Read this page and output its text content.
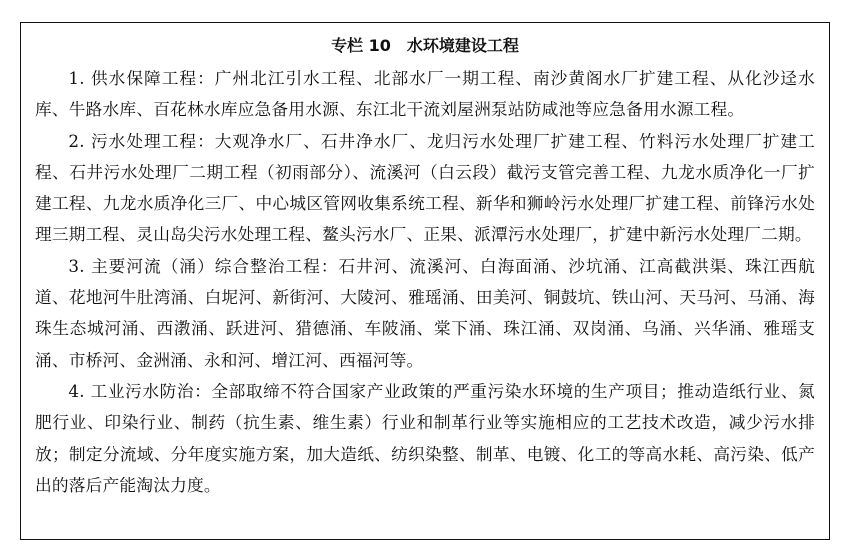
专栏 10　水环境建设工程

1. 供水保障工程：广州北江引水工程、北部水厂一期工程、南沙黄阁水厂扩建工程、从化沙迳水库、牛路水库、百花林水库应急备用水源、东江北干流刘屋洲泵站防咸池等应急备用水源工程。

2. 污水处理工程：大观净水厂、石井净水厂、龙归污水处理厂扩建工程、竹料污水处理厂扩建工程、石井污水处理厂二期工程（初雨部分）、流溪河（白云段）截污支管完善工程、九龙水质净化一厂扩建工程、九龙水质净化三厂、中心城区管网收集系统工程、新华和狮岭污水处理厂扩建工程、前锋污水处理三期工程、灵山岛尖污水处理工程、鳌头污水厂、正果、派潭污水处理厂，扩建中新污水处理厂二期。

3. 主要河流（涌）综合整治工程：石井河、流溪河、白海面涌、沙坑涌、江高截洪渠、珠江西航道、花地河牛肚湾涌、白坭河、新街河、大陵河、雅瑶涌、田美河、铜鼓坑、铁山河、天马河、马涌、海珠生态城河涌、西漖涌、跃进河、猎德涌、车陂涌、棠下涌、珠江涌、双岗涌、乌涌、兴华涌、雅瑶支涌、市桥河、金洲涌、永和河、增江河、西福河等。

4. 工业污水防治：全部取缔不符合国家产业政策的严重污染水环境的生产项目；推动造纸行业、氮肥行业、印染行业、制药（抗生素、维生素）行业和制革行业等实施相应的工艺技术改造，减少污水排放；制定分流域、分年度实施方案，加大造纸、纺织染整、制革、电镀、化工的等高水耗、高污染、低产出的落后产能淘汰力度。
